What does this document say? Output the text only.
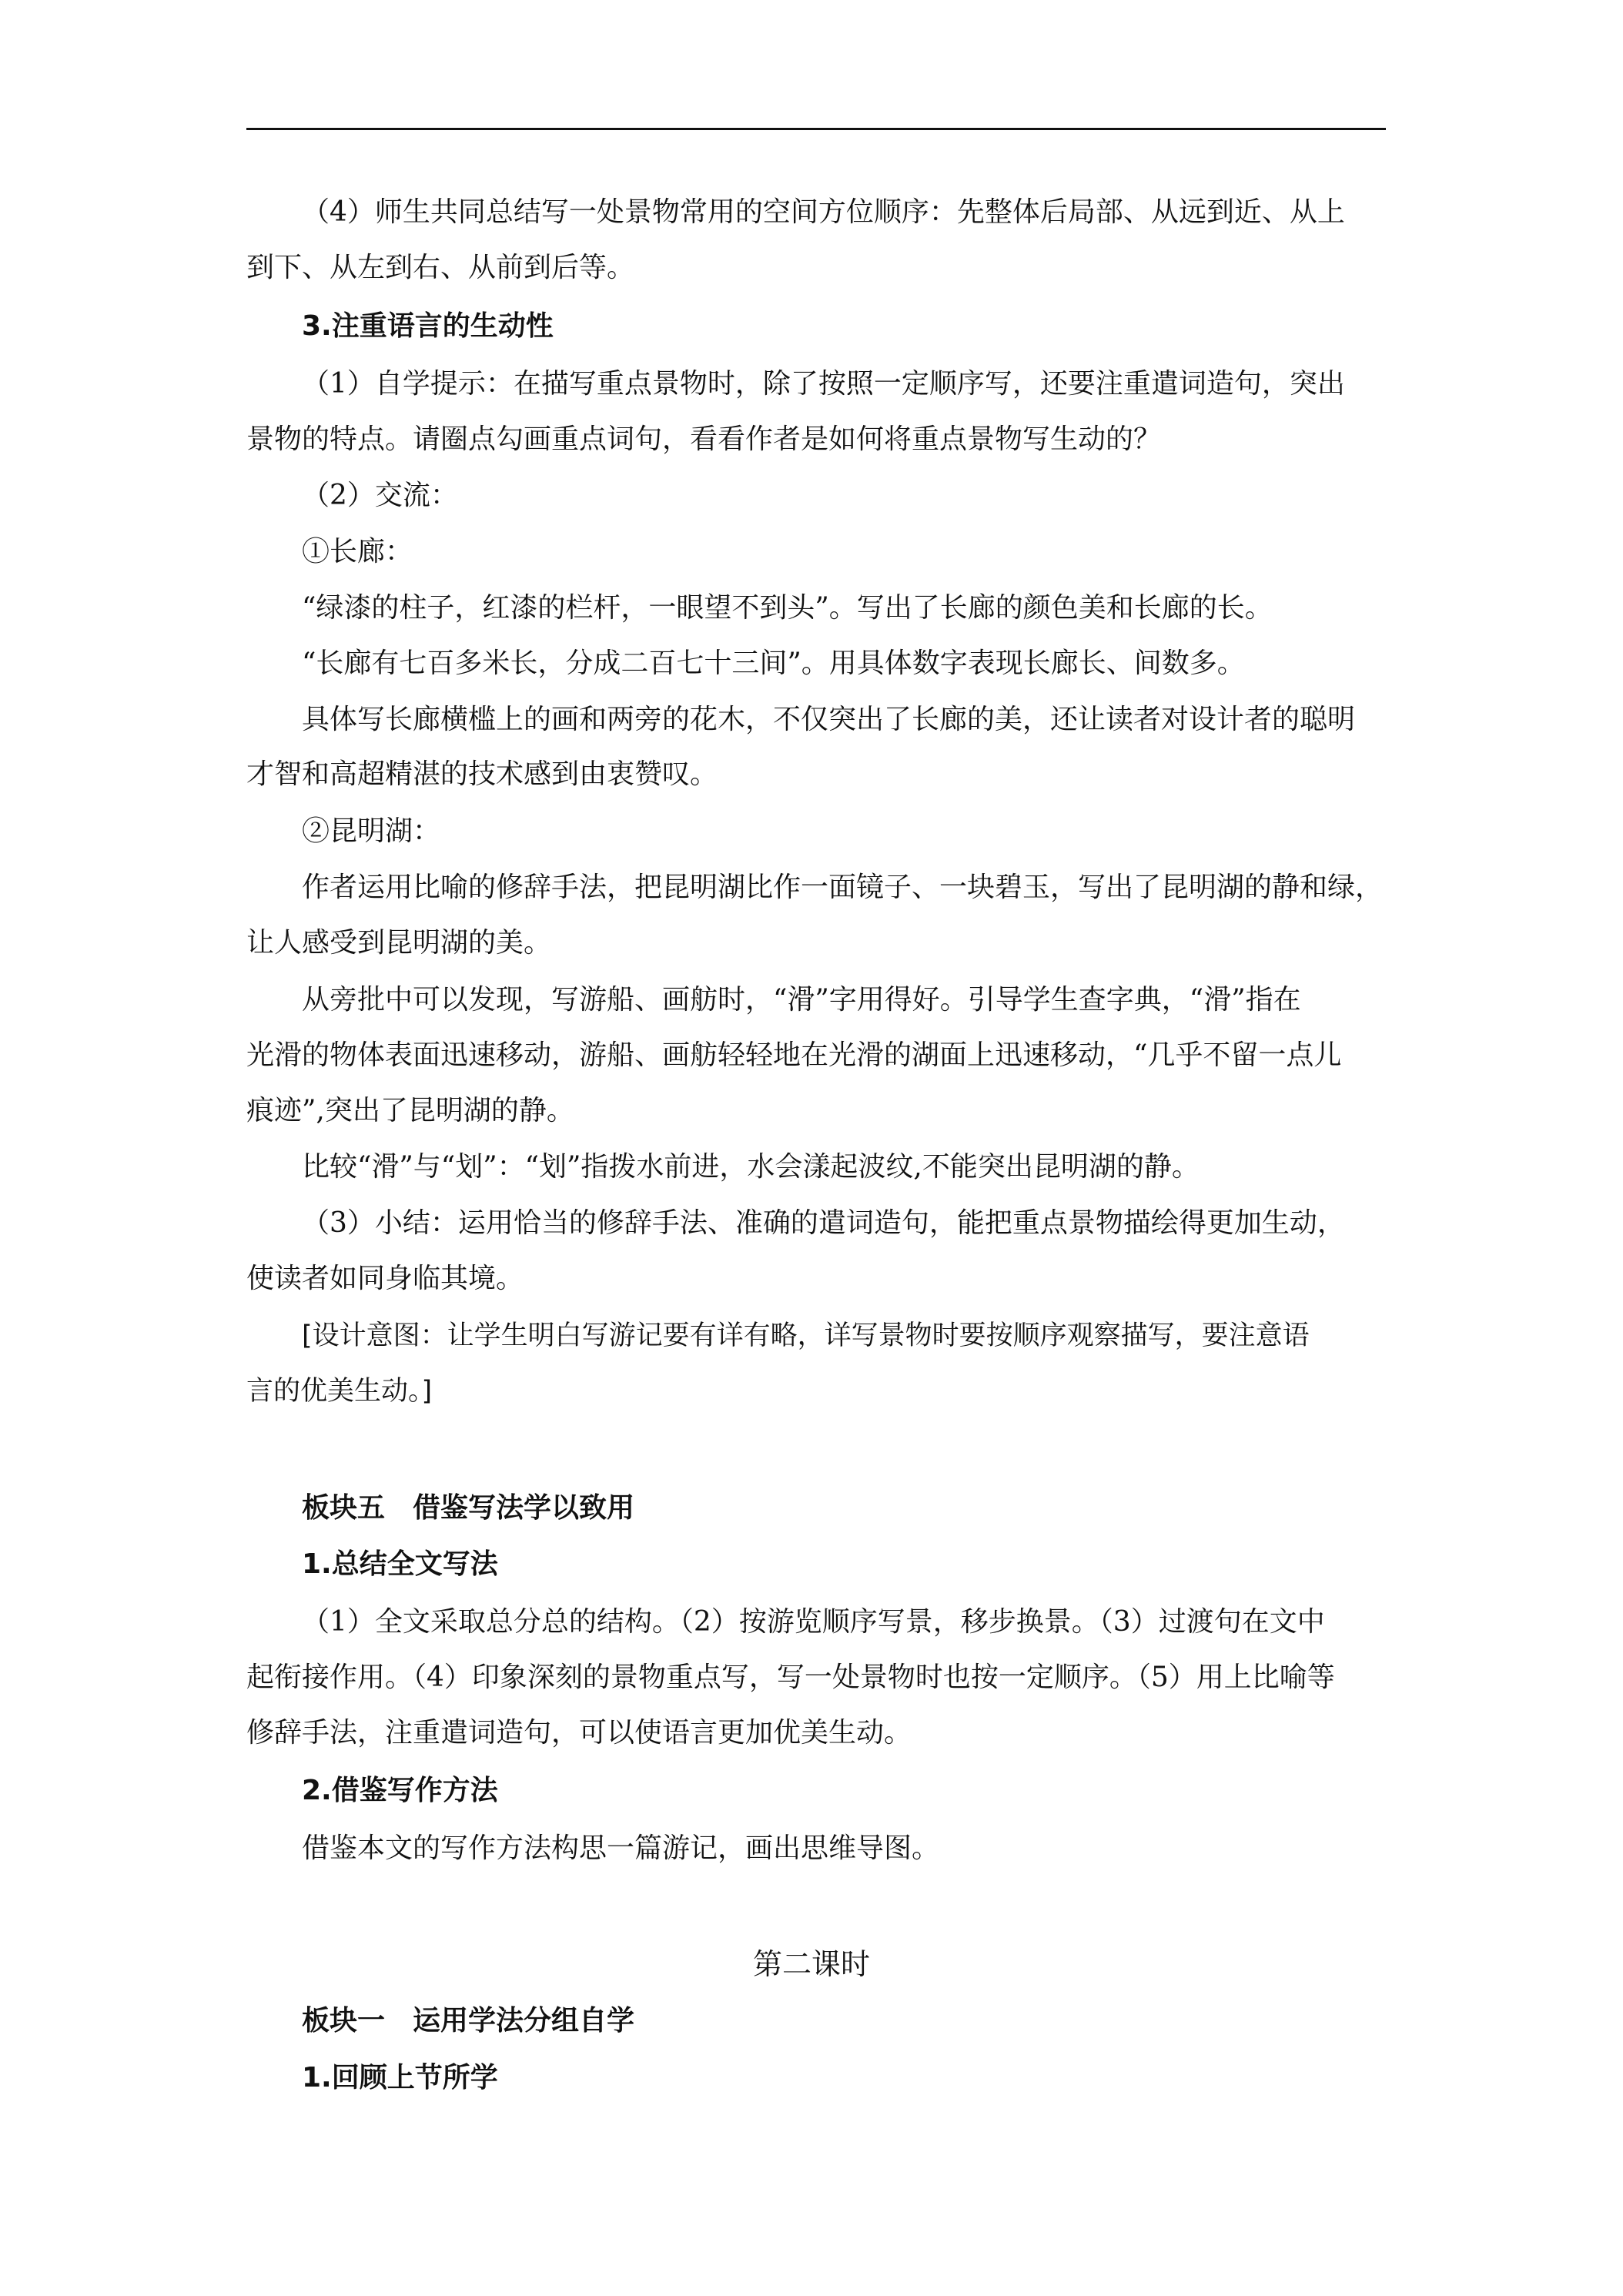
（4）师生共同总结写一处景物常用的空间方位顺序：先整体后局部、从远到近、从上
到下、从左到右、从前到后等。
3.注重语言的生动性
（1）自学提示：在描写重点景物时，除了按照一定顺序写，还要注重遣词造句，突出
景物的特点。请圈点勾画重点词句，看看作者是如何将重点景物写生动的？
（2）交流：
①长廊：
“绿漆的柱子，红漆的栏杆，一眼望不到头”。写出了长廊的颜色美和长廊的长。
“长廊有七百多米长，分成二百七十三间”。用具体数字表现长廊长、间数多。
具体写长廊横槛上的画和两旁的花木，不仅突出了长廊的美，还让读者对设计者的聪明
才智和高超精湛的技术感到由衷赞叹。
②昆明湖：
作者运用比喻的修辞手法，把昆明湖比作一面镜子、一块碧玉，写出了昆明湖的静和绿，
让人感受到昆明湖的美。
从旁批中可以发现，写游船、画舫时，“滑”字用得好。引导学生查字典，“滑”指在
光滑的物体表面迅速移动，游船、画舫轻轻地在光滑的湖面上迅速移动，“几乎不留一点儿
痕迹”,突出了昆明湖的静。
比较“滑”与“划”：“划”指拨水前进，水会漾起波纹,不能突出昆明湖的静。
（3）小结：运用恰当的修辞手法、准确的遣词造句，能把重点景物描绘得更加生动，
使读者如同身临其境。
[设计意图：让学生明白写游记要有详有略，详写景物时要按顺序观察描写，要注意语
言的优美生动。]
板块五　借鉴写法学以致用
1.总结全文写法
（1）全文采取总分总的结构。（2）按游览顺序写景，移步换景。（3）过渡句在文中
起衔接作用。（4）印象深刻的景物重点写，写一处景物时也按一定顺序。（5）用上比喻等
修辞手法，注重遣词造句，可以使语言更加优美生动。
2.借鉴写作方法
借鉴本文的写作方法构思一篇游记，画出思维导图。
第二课时
板块一　运用学法分组自学
1.回顾上节所学
